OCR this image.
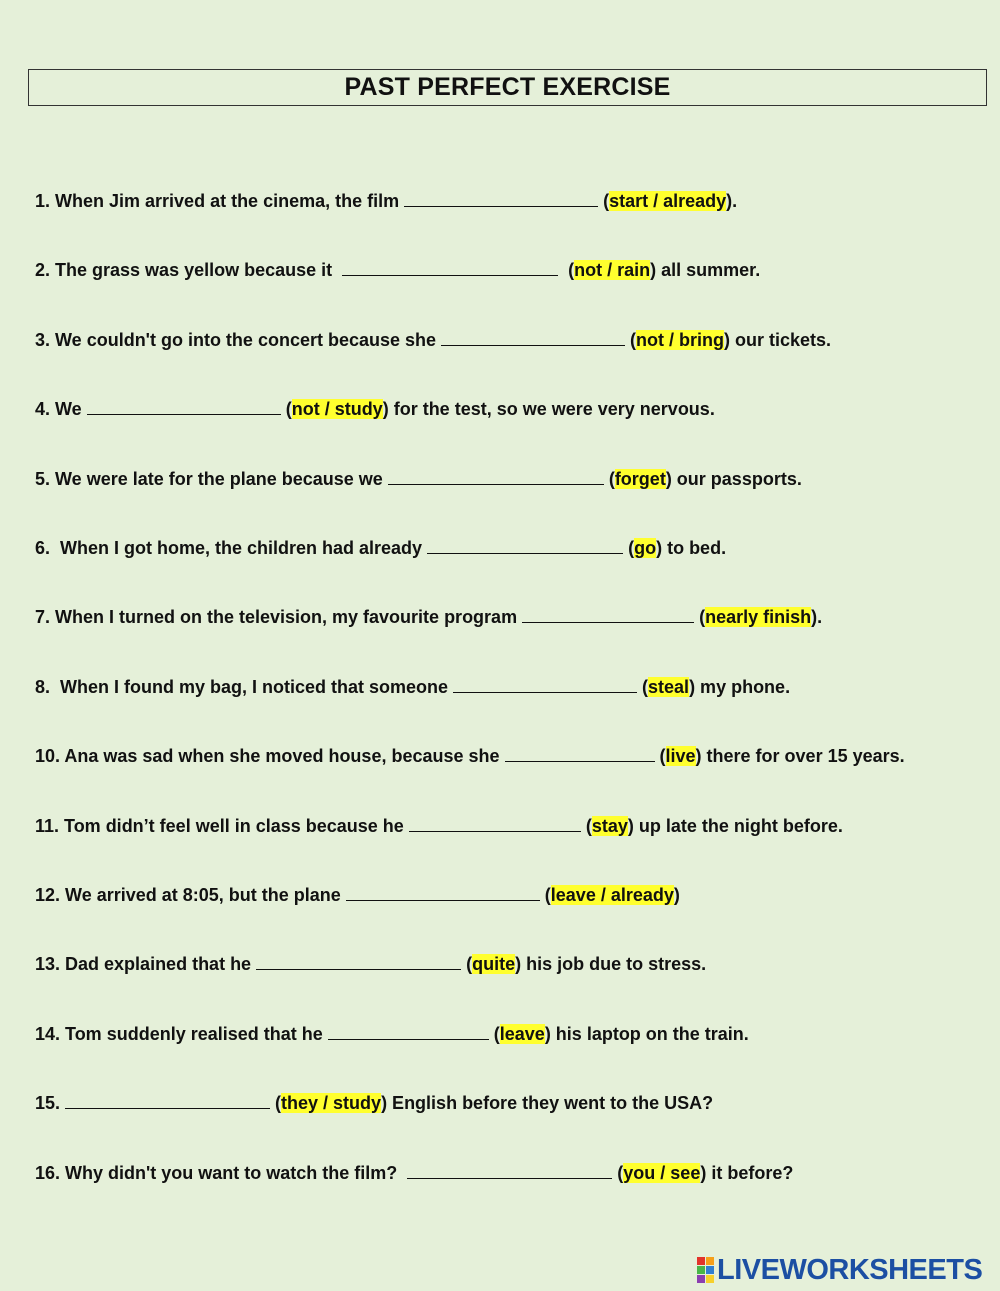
PAST PERFECT EXERCISE
1. When Jim arrived at the cinema, the film	(start / already).
2. The grass was yellow because it	(not / rain) all summer.
3. We couldn't go into the concert because she	(not / bring) our tickets.
4. We	(not / study) for the test, so we were very nervous.
5. We were late for the plane because we	(forget) our passports.
6.  When I got home, the children had already	(go) to bed.
7. When I turned on the television, my favourite program	(nearly finish).
8.  When I found my bag, I noticed that someone	(steal) my phone.
10. Ana was sad when she moved house, because she	(live) there for over 15 years.
11. Tom didn’t feel well in class because he	(stay) up late the night before.
12. We arrived at 8:05, but the plane	(leave / already)
13. Dad explained that he	(quite) his job due to stress.
14. Tom suddenly realised that he	(leave) his laptop on the train.
15.	(they / study) English before they went to the USA?
16. Why didn't you want to watch the film?	(you / see) it before?
LIVEWORKSHEETS
